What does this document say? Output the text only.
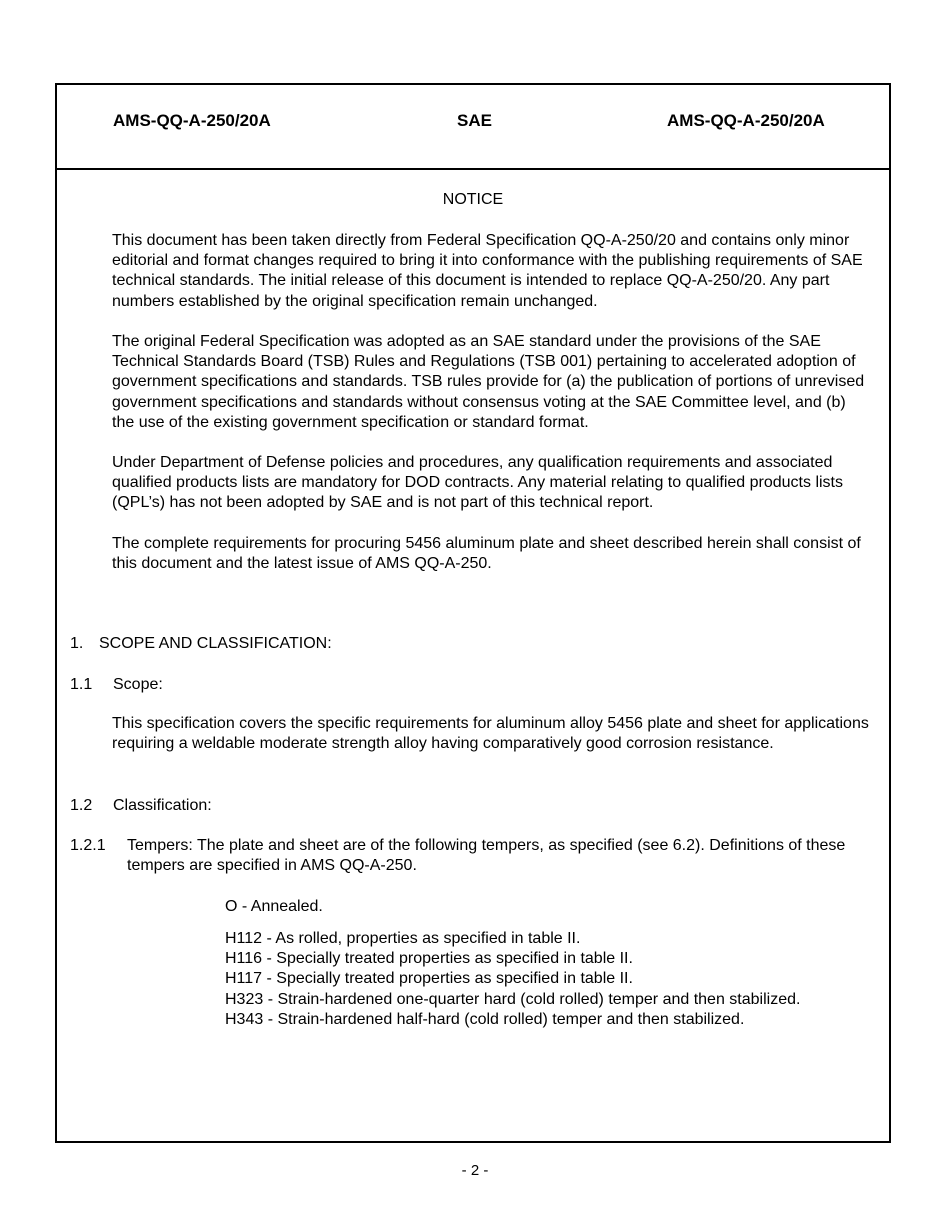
AMS-QQ-A-250/20A	SAE	AMS-QQ-A-250/20A
NOTICE

This document has been taken directly from Federal Specification QQ-A-250/20 and contains only minor editorial and format changes required to bring it into conformance with the publishing requirements of SAE technical standards. The initial release of this document is intended to replace QQ-A-250/20. Any part numbers established by the original specification remain unchanged.

The original Federal Specification was adopted as an SAE standard under the provisions of the SAE Technical Standards Board (TSB) Rules and Regulations (TSB 001) pertaining to accelerated adoption of government specifications and standards. TSB rules provide for (a) the publication of portions of unrevised government specifications and standards without consensus voting at the SAE Committee level, and (b) the use of the existing government specification or standard format.

Under Department of Defense policies and procedures, any qualification requirements and associated qualified products lists are mandatory for DOD contracts. Any material relating to qualified products lists (QPL’s) has not been adopted by SAE and is not part of this technical report.

The complete requirements for procuring 5456 aluminum plate and sheet described herein shall consist of this document and the latest issue of AMS QQ-A-250.

1. SCOPE AND CLASSIFICATION:
1.1 Scope:

This specification covers the specific requirements for aluminum alloy 5456 plate and sheet for applications requiring a weldable moderate strength alloy having comparatively good corrosion resistance.

1.2 Classification:
1.2.1 Tempers: The plate and sheet are of the following tempers, as specified (see 6.2). Definitions of these tempers are specified in AMS QQ-A-250.
O - Annealed.
H112 - As rolled, properties as specified in table II.
H116 - Specially treated properties as specified in table II.
H117 - Specially treated properties as specified in table II.
H323 - Strain-hardened one-quarter hard (cold rolled) temper and then stabilized.
H343 - Strain-hardened half-hard (cold rolled) temper and then stabilized.
- 2 -
